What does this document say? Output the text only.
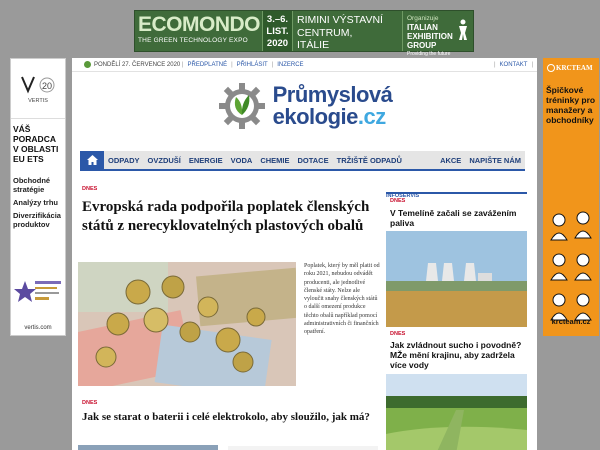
ECOMONDO
THE GREEN TECHNOLOGY EXPO
3.–6.
LIST.
2020
RIMINI VÝSTAVNÍ
CENTRUM,
ITÁLIE
Organizuje
ITALIAN EXHIBITION GROUP
Providing the future
20
VERTIS
VÁŠ PORADCA V OBLASTI EU ETS
Obchodné stratégie
Analýzy trhu
Diverzifikácia produktov
vertis.com
KRCTEAM
Špičkové tréninky pro manažery a obchodníky
krcteam.cz
PONDĚLÍ 27. ČERVENCE 2020 | PŘEDPLATNÉ | PŘIHLÁSIT | INZERCE	| KONTAKT |
Průmyslová
ekologie.cz
ODPADY	OVZDUŠÍ	ENERGIE	VODA	CHEMIE	DOTACE	TRŽIŠTĚ ODPADŮ	AKCE	NAPIŠTE NÁM
DNES
Evropská rada podpořila poplatek členských států z nerecyklovatelných plastových obalů
Poplatek, který by měl platit od roku 2021, nebudou odvádět producenti, ale jednotlivé členské státy. Nelze ale vyloučit snahy členských států o další omezení produkce těchto obalů například pomocí administrativních či finančních opatření.
DNES
Jak se starat o baterii i celé elektrokolo, aby sloužilo, jak má?
INFOSERVIS
DNES
V Temelíně začali se zavážením paliva
DNES
Jak zvládnout sucho i povodně? MŽe mění krajinu, aby zadržela více vody
